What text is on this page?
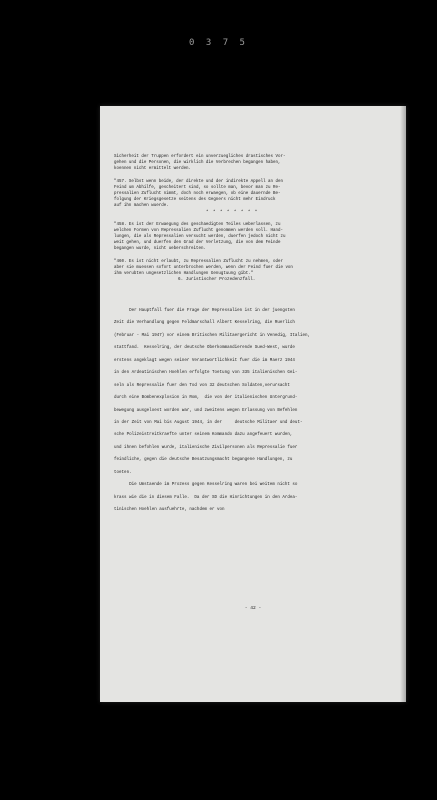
0 3 7 5
Sicherheit der Truppen erfordert ein unverzuegliches drastisches Vor-
gehen und die Personen, die wirklich die Verbrechen begangen haben,
koennen nicht ermittelt werden.
"457. Selbst wenn beide, der direkte und der indirekte Appell an den
Feind um Abhilfe, gescheitert sind, so sollte man, bevor man zu Re-
pressalien Zuflucht nimmt, doch noch erwaegen, ob eine dauernde Be-
folgung der Kriegsgesetze seitens des Gegners nicht mehr Eindruck
auf ihn machen wuerde.
* * * * * * * *
"458. Es ist der Erwaegung des geschaedigten Teiles ueberlassen, zu
welchen Formen von Repressalien Zuflucht genommen werden soll. Hand-
lungen, die als Repressalien versucht werden, duerfen jedoch nicht zu
weit gehen, und duerfen den Grad der Verletzung, die von dem Feinde
begangen wurde, nicht ueberschreiten.
"460. Es ist nicht erlaubt, zu Repressalien Zuflucht zu nehmen, oder
aber sie muessen sofort unterbrochen werden, wenn der Feind fuer die von
ihm verubten ungesetzlichen Handlungen Genugtuung gibt."
6. Juristischer Prozedenzfall.
Der Hauptfall fuer die Frage der Repressalien ist in der juengsten
Zeit die Verhandlung gegen Feldmarschall Albert Kesselring, die Ruerlich
(Februar - Mai 1947) vor einem Britischen Militaergericht in Venedig, Italien,
stattfand.  Kesselring, der deutsche Oberkommandierende Sued-West, wurde
erstens angeklagt wegen seiner Verantwortlichkeit fuer die im Maerz 1944
in den Ardeatinischen Hoehlen erfolgte Toetung von 335 italienischen Gei-
seln als Repressalie fuer den Tod von 32 deutschen Soldaten,verursacht
durch eine Bombenexplosion in Rom,  die von der italienischen Untergrund-
bewegung ausgeloest worden war, und zweitens wegen Erlassung von Befehlen
in der Zeit von Mai bis August 1944, in der     deutsche Militaer und deut-
sche Polizeistreitkraefte unter seinem Kommando dazu angefeuert wurden,
und ihnen befohlen wurde, italienische Zivilpersonen als Repressalie fuer
feindliche, gegen die deutsche Besatzungsmacht begangene Handlungen, zu
toeten.
Die Umstaende im Prozess gegen Kesselring waren bei weitem nicht so
krass wie die in diesem Falle.  Da der SD die Hinrichtungen in den Ardea-
tinischen Hoehlen ausfuehrte, nachdem er von
- 42 -
